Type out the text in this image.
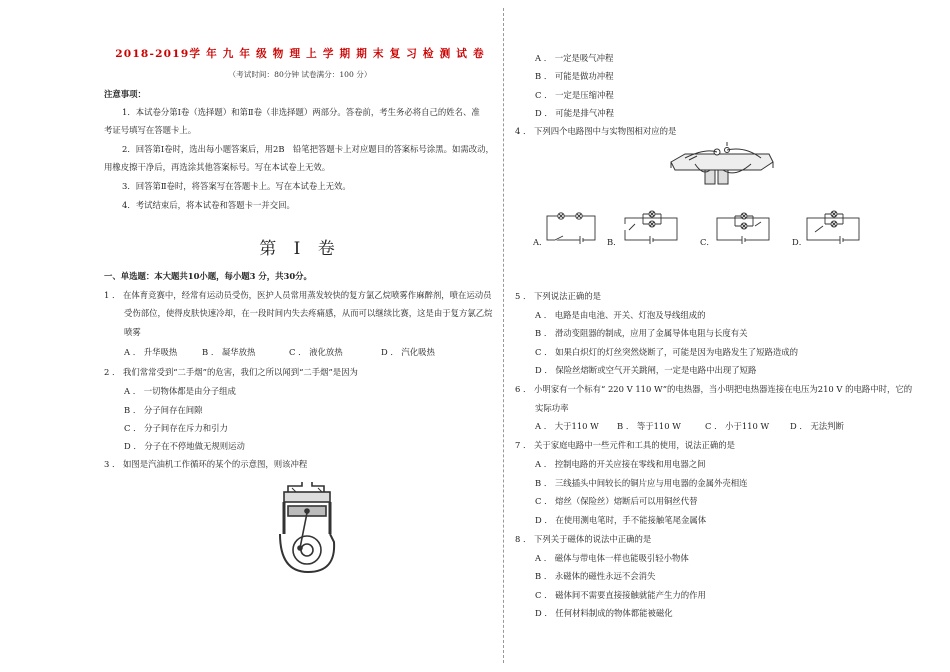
2018-2019学 年 九 年 级 物 理 上 学 期 期 末 复 习 检 测 试 卷
（考试时间：80分钟 试卷满分：100 分）
注意事项：
1．本试卷分第Ⅰ卷（选择题）和第Ⅱ卷（非选择题）两部分。答卷前，考生务必将自己的姓名、准
考证号填写在答题卡上。
2．回答第Ⅰ卷时，选出每小题答案后，用2B　铅笔把答题卡上对应题目的答案标号涂黑。如需改动，
用橡皮擦干净后，再选涂其他答案标号。写在本试卷上无效。
3．回答第Ⅱ卷时，将答案写在答题卡上。写在本试卷上无效。
4．考试结束后，将本试卷和答题卡一并交回。
第 Ⅰ 卷
一、单选题：本大题共10小题，每小题3 分，共30分。
1 ． 在体育竞赛中，经常有运动员受伤，医护人员常用蒸发较快的复方氯乙烷喷雾作麻醉剂，喷在运动员
受伤部位，使得皮肤快速冷却，在一段时间内失去疼痛感，从而可以继续比赛，这是由于复方氯乙烷
喷雾
A ． 升华吸热	B ． 凝华放热	C ． 液化放热	D ． 汽化吸热
2 ． 我们常常受到“二手烟”的危害，我们之所以闻到“二手烟”是因为
A ． 一切物体都是由分子组成
B ． 分子间存在间隙
C ． 分子间存在斥力和引力
D ． 分子在不停地做无规则运动
3 ． 如图是汽油机工作循环的某个的示意图，则该冲程
A ． 一定是吸气冲程
B ． 可能是做功冲程
C ． 一定是压缩冲程
D ． 可能是排气冲程
4 ． 下列四个电路图中与实物图相对应的是
A．	B．	C．	D．
5 ． 下列说法正确的是
A ． 电路是由电池、开关、灯泡及导线组成的
B ． 滑动变阻器的制成，应用了金属导体电阻与长度有关
C ． 如果白炽灯的灯丝突然烧断了，可能是因为电路发生了短路造成的
D ． 保险丝熔断或空气开关跳闸，一定是电路中出现了短路
6 ． 小明家有一个标有“ 220 V 110 W”的电热器，当小明把电热器连接在电压为210 V 的电路中时，它的
实际功率
A ． 大于110 W B ． 等于110 W	C ． 小于110 W D ． 无法判断
7 ． 关于家庭电路中一些元件和工具的使用，说法正确的是
A ． 控制电路的开关应接在零线和用电器之间
B ． 三线插头中间较长的铜片应与用电器的金属外壳相连
C ． 熔丝（保险丝）熔断后可以用铜丝代替
D ． 在使用测电笔时，手不能接触笔尾金属体
8 ． 下列关于磁体的说法中正确的是
A ． 磁体与带电体一样也能吸引轻小物体
B ． 永磁体的磁性永远不会消失
C ． 磁体间不需要直接接触就能产生力的作用
D ． 任何材料制成的物体都能被磁化
